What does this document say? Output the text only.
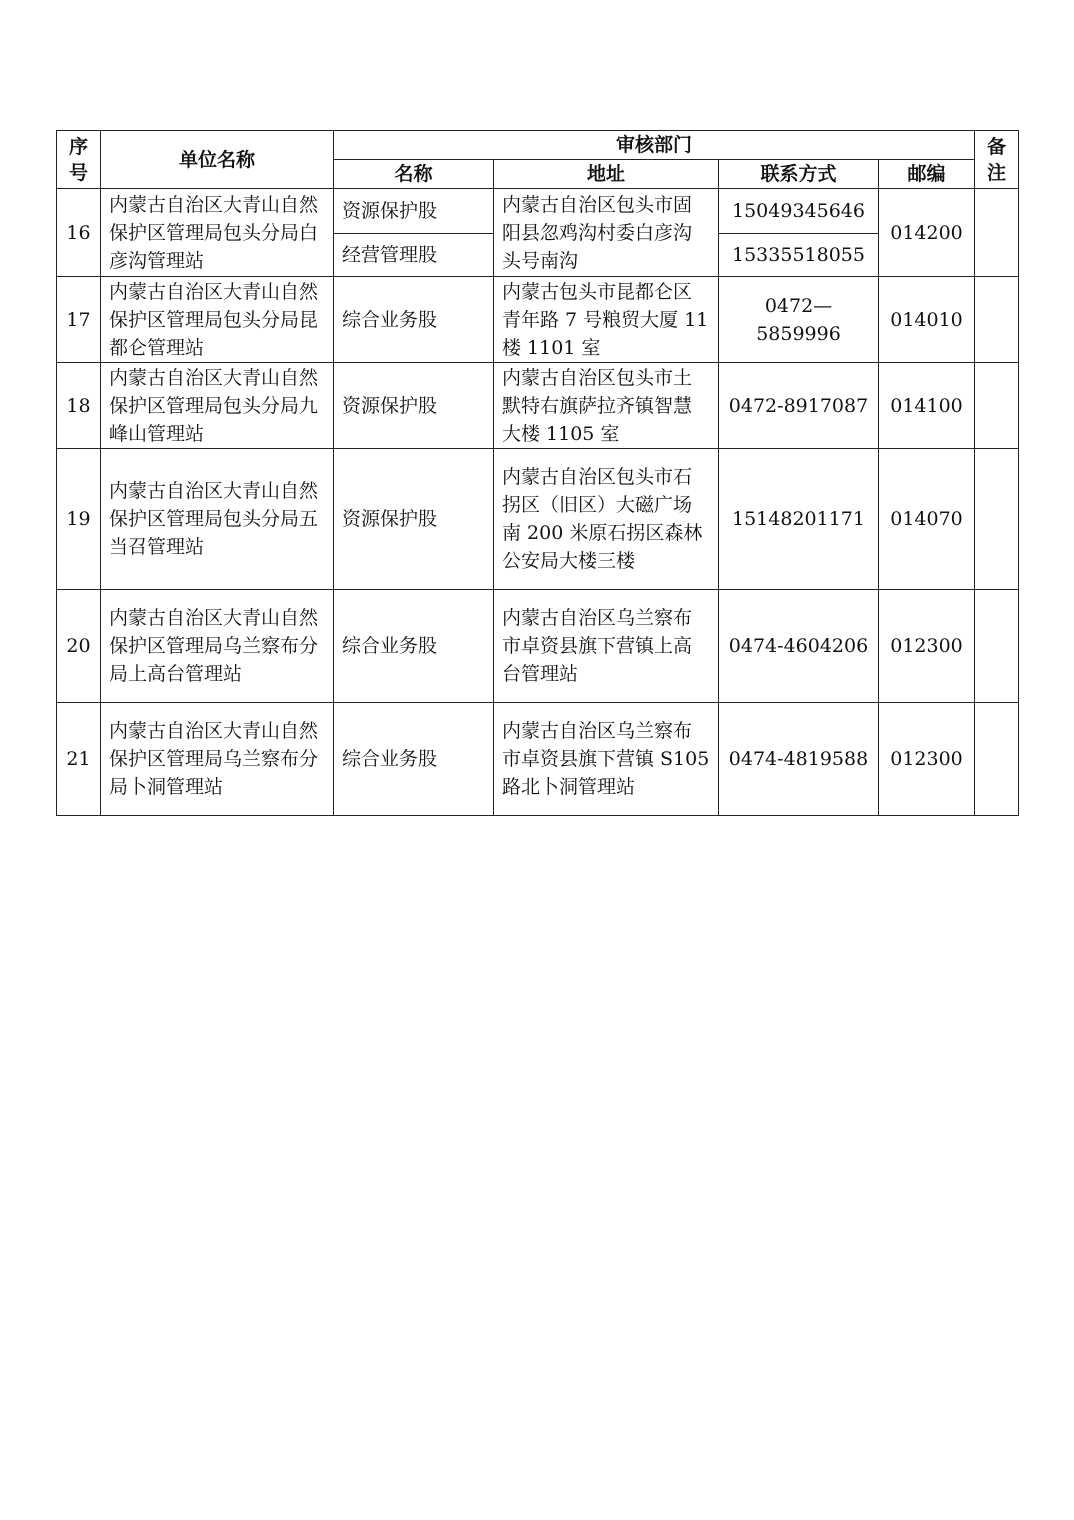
序号	单位名称	审核部门				备注
		名称	地址	联系方式	邮编	
16	内蒙古自治区大青山自然保护区管理局包头分局白彦沟管理站	资源保护股	内蒙古自治区包头市固阳县忽鸡沟村委白彦沟头号南沟	15049345646	014200	
		经营管理股		15335518055		
17	内蒙古自治区大青山自然保护区管理局包头分局昆都仑管理站	综合业务股	内蒙古包头市昆都仑区青年路 7 号粮贸大厦 11 楼 1101 室	0472—5859996	014010	
18	内蒙古自治区大青山自然保护区管理局包头分局九峰山管理站	资源保护股	内蒙古自治区包头市土默特右旗萨拉齐镇智慧大楼 1105 室	0472-8917087	014100	
19	内蒙古自治区大青山自然保护区管理局包头分局五当召管理站	资源保护股	内蒙古自治区包头市石拐区（旧区）大磁广场南 200 米原石拐区森林公安局大楼三楼	15148201171	014070	
20	内蒙古自治区大青山自然保护区管理局乌兰察布分局上高台管理站	综合业务股	内蒙古自治区乌兰察布市卓资县旗下营镇上高台管理站	0474-4604206	012300	
21	内蒙古自治区大青山自然保护区管理局乌兰察布分局卜洞管理站	综合业务股	内蒙古自治区乌兰察布市卓资县旗下营镇 S105 路北卜洞管理站	0474-4819588	012300	
